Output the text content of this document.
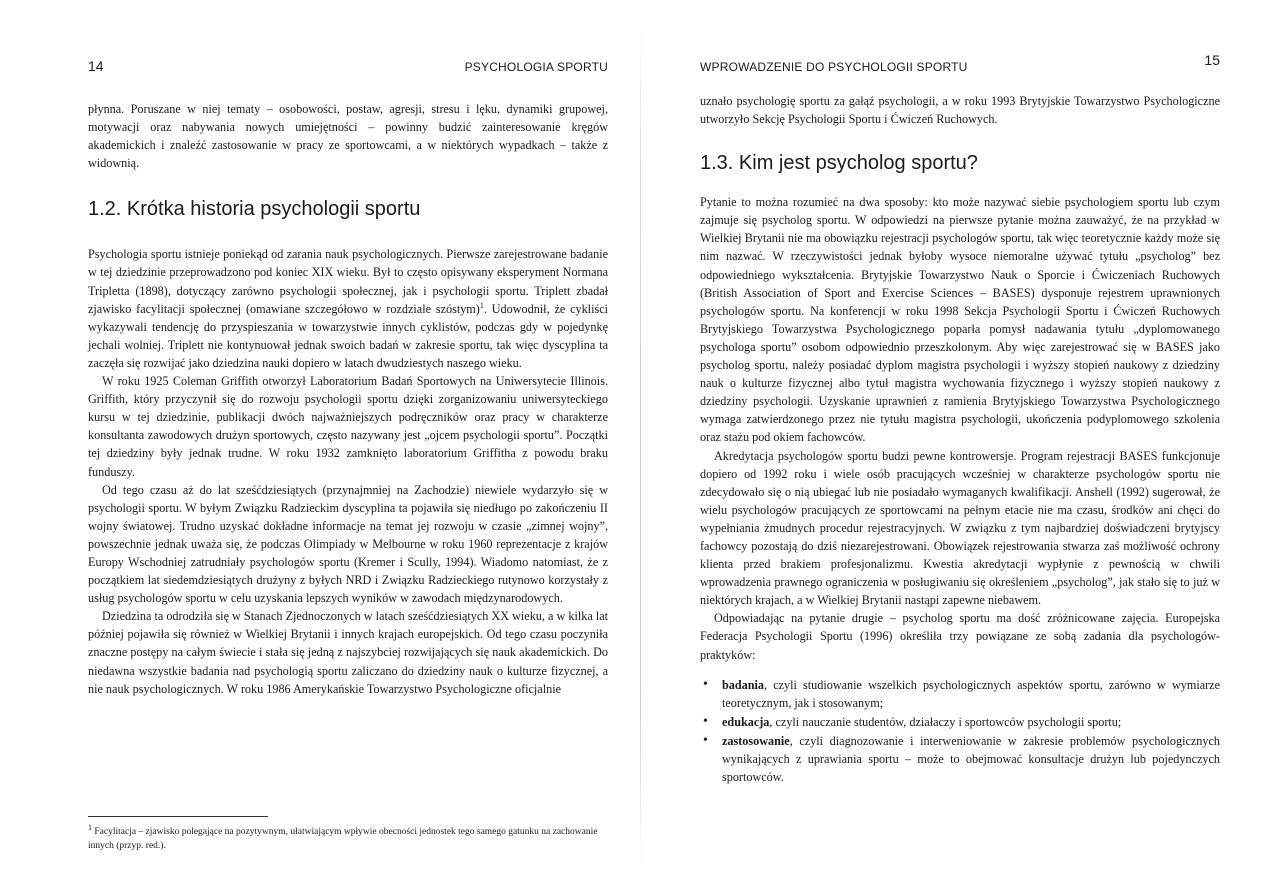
14	PSYCHOLOGIA SPORTU

płynna. Poruszane w niej tematy – osobowości, postaw, agresji, stresu i lęku, dynamiki grupowej, motywacji oraz nabywania nowych umiejętności – powinny budzić zainteresowanie kręgów akademickich i znaleźć zastosowanie w pracy ze sportowcami, a w niektórych wypadkach – także z widownią.

1.2. Krótka historia psychologii sportu

Psychologia sportu istnieje poniekąd od zarania nauk psychologicznych. Pierwsze zarejestrowane badanie w tej dziedzinie przeprowadzono pod koniec XIX wieku. Był to często opisywany eksperyment Normana Tripletta (1898), dotyczący zarówno psychologii społecznej, jak i psychologii sportu. Triplett zbadał zjawisko facylitacji społecznej (omawiane szczegółowo w rozdziale szóstym)$^1$. Udowodnił, że cykliści wykazywali tendencję do przyspieszania w towarzystwie innych cyklistów, podczas gdy w pojedynkę jechali wolniej. Triplett nie kontynuował jednak swoich badań w zakresie sportu, tak więc dyscyplina ta zaczęła się rozwijać jako dziedzina nauki dopiero w latach dwudziestych naszego wieku.

W roku 1925 Coleman Griffith otworzył Laboratorium Badań Sportowych na Uniwersytecie Illinois. Griffith, który przyczynił się do rozwoju psychologii sportu dzięki zorganizowaniu uniwersyteckiego kursu w tej dziedzinie, publikacji dwóch najważniejszych podręczników oraz pracy w charakterze konsultanta zawodowych drużyn sportowych, często nazywany jest „ojcem psychologii sportu”. Początki tej dziedziny były jednak trudne. W roku 1932 zamknięto laboratorium Griffitha z powodu braku funduszy.

Od tego czasu aż do lat sześćdziesiątych (przynajmniej na Zachodzie) niewiele wydarzyło się w psychologii sportu. W byłym Związku Radzieckim dyscyplina ta pojawiła się niedługo po zakończeniu II wojny światowej. Trudno uzyskać dokładne informacje na temat jej rozwoju w czasie „zimnej wojny”, powszechnie jednak uważa się, że podczas Olimpiady w Melbourne w roku 1960 reprezentacje z krajów Europy Wschodniej zatrudniały psychologów sportu (Kremer i Scully, 1994). Wiadomo natomiast, że z początkiem lat siedemdziesiątych drużyny z byłych NRD i Związku Radzieckiego rutynowo korzystały z usług psychologów sportu w celu uzyskania lepszych wyników w zawodach międzynarodowych.

Dziedzina ta odrodziła się w Stanach Zjednoczonych w latach sześćdziesiątych XX wieku, a w kilka lat później pojawiła się również w Wielkiej Brytanii i innych krajach europejskich. Od tego czasu poczyniła znaczne postępy na całym świecie i stała się jedną z najszybciej rozwijających się nauk akademickich. Do niedawna wszystkie badania nad psychologią sportu zaliczano do dziedziny nauk o kulturze fizycznej, a nie nauk psychologicznych. W roku 1986 Amerykańskie Towarzystwo Psychologiczne oficjalnie

$^1$ Facylitacja – zjawisko polegające na pozytywnym, ułatwiającym wpływie obecności jednostek tego samego gatunku na zachowanie innych (przyp. red.).
WPROWADZENIE DO PSYCHOLOGII SPORTU	15

uznało psychologię sportu za gałąź psychologii, a w roku 1993 Brytyjskie Towarzystwo Psychologiczne utworzyło Sekcję Psychologii Sportu i Ćwiczeń Ruchowych.

1.3. Kim jest psycholog sportu?

Pytanie to można rozumieć na dwa sposoby: kto może nazywać siebie psychologiem sportu lub czym zajmuje się psycholog sportu. W odpowiedzi na pierwsze pytanie można zauważyć, że na przykład w Wielkiej Brytanii nie ma obowiązku rejestracji psychologów sportu, tak więc teoretycznie każdy może się nim nazwać. W rzeczywistości jednak byłoby wysoce niemoralne używać tytułu „psycholog” bez odpowiedniego wykształcenia. Brytyjskie Towarzystwo Nauk o Sporcie i Ćwiczeniach Ruchowych (British Association of Sport and Exercise Sciences – BASES) dysponuje rejestrem uprawnionych psychologów sportu. Na konferencji w roku 1998 Sekcja Psychologii Sportu i Ćwiczeń Ruchowych Brytyjskiego Towarzystwa Psychologicznego poparła pomysł nadawania tytułu „dyplomowanego psychologa sportu” osobom odpowiednio przeszkolonym. Aby więc zarejestrować się w BASES jako psycholog sportu, należy posiadać dyplom magistra psychologii i wyższy stopień naukowy z dziedziny nauk o kulturze fizycznej albo tytuł magistra wychowania fizycznego i wyższy stopień naukowy z dziedziny psychologii. Uzyskanie uprawnień z ramienia Brytyjskiego Towarzystwa Psychologicznego wymaga zatwierdzonego przez nie tytułu magistra psychologii, ukończenia podyplomowego szkolenia oraz stażu pod okiem fachowców.

Akredytacja psychologów sportu budzi pewne kontrowersje. Program rejestracji BASES funkcjonuje dopiero od 1992 roku i wiele osób pracujących wcześniej w charakterze psychologów sportu nie zdecydowało się o nią ubiegać lub nie posiadało wymaganych kwalifikacji. Anshell (1992) sugerował, że wielu psychologów pracujących ze sportowcami na pełnym etacie nie ma czasu, środków ani chęci do wypełniania żmudnych procedur rejestracyjnych. W związku z tym najbardziej doświadczeni brytyjscy fachowcy pozostają do dziś niezarejestrowani. Obowiązek rejestrowania stwarza zaś możliwość ochrony klienta przed brakiem profesjonalizmu. Kwestia akredytacji wypłynie z pewnością w chwili wprowadzenia prawnego ograniczenia w posługiwaniu się określeniem „psycholog”, jak stało się to już w niektórych krajach, a w Wielkiej Brytanii nastąpi zapewne niebawem.

Odpowiadając na pytanie drugie – psycholog sportu ma dość zróżnicowane zajęcia. Europejska Federacja Psychologii Sportu (1996) określiła trzy powiązane ze sobą zadania dla psychologów-praktyków:

• badania, czyli studiowanie wszelkich psychologicznych aspektów sportu, zarówno w wymiarze teoretycznym, jak i stosowanym;
• edukacja, czyli nauczanie studentów, działaczy i sportowców psychologii sportu;
• zastosowanie, czyli diagnozowanie i interweniowanie w zakresie problemów psychologicznych wynikających z uprawiania sportu – może to obejmować konsultacje drużyn lub pojedynczych sportowców.
